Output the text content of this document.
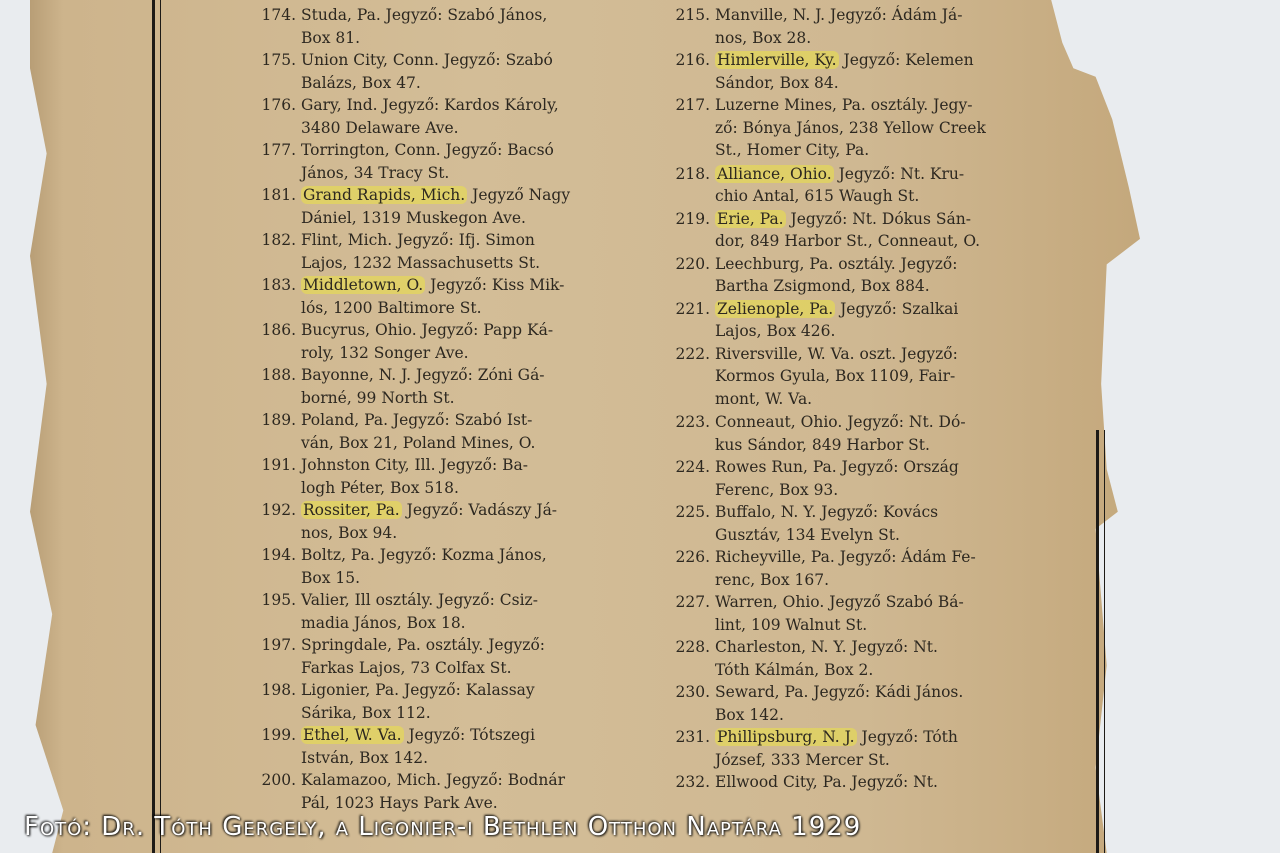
174. Studa, Pa. Jegyző: Szabó János,
Box 81.
175. Union City, Conn. Jegyző: Szabó
Balázs, Box 47.
176. Gary, Ind. Jegyző: Kardos Károly,
3480 Delaware Ave.
177. Torrington, Conn. Jegyző: Bacsó
János, 34 Tracy St.
181. Grand Rapids, Mich. Jegyző Nagy
Dániel, 1319 Muskegon Ave.
182. Flint, Mich. Jegyző: Ifj. Simon
Lajos, 1232 Massachusetts St.
183. Middletown, O. Jegyző: Kiss Mik-
lós, 1200 Baltimore St.
186. Bucyrus, Ohio. Jegyző: Papp Ká-
roly, 132 Songer Ave.
188. Bayonne, N. J. Jegyző: Zóni Gá-
borné, 99 North St.
189. Poland, Pa. Jegyző: Szabó Ist-
ván, Box 21, Poland Mines, O.
191. Johnston City, Ill. Jegyző: Ba-
logh Péter, Box 518.
192. Rossiter, Pa. Jegyző: Vadászy Já-
nos, Box 94.
194. Boltz, Pa. Jegyző: Kozma János,
Box 15.
195. Valier, Ill osztály. Jegyző: Csiz-
madia János, Box 18.
197. Springdale, Pa. osztály. Jegyző:
Farkas Lajos, 73 Colfax St.
198. Ligonier, Pa. Jegyző: Kalassay
Sárika, Box 112.
199. Ethel, W. Va. Jegyző: Tótszegi
István, Box 142.
200. Kalamazoo, Mich. Jegyző: Bodnár
Pál, 1023 Hays Park Ave.
215. Manville, N. J. Jegyző: Ádám Já-
nos, Box 28.
216. Himlerville, Ky. Jegyző: Kelemen
Sándor, Box 84.
217. Luzerne Mines, Pa. osztály. Jegy-
ző: Bónya János, 238 Yellow Creek
St., Homer City, Pa.
218. Alliance, Ohio. Jegyző: Nt. Kru-
chio Antal, 615 Waugh St.
219. Erie, Pa. Jegyző: Nt. Dókus Sán-
dor, 849 Harbor St., Conneaut, O.
220. Leechburg, Pa. osztály. Jegyző:
Bartha Zsigmond, Box 884.
221. Zelienople, Pa. Jegyző: Szalkai
Lajos, Box 426.
222. Riversville, W. Va. oszt. Jegyző:
Kormos Gyula, Box 1109, Fair-
mont, W. Va.
223. Conneaut, Ohio. Jegyző: Nt. Dó-
kus Sándor, 849 Harbor St.
224. Rowes Run, Pa. Jegyző: Ország
Ferenc, Box 93.
225. Buffalo, N. Y. Jegyző: Kovács
Gusztáv, 134 Evelyn St.
226. Richeyville, Pa. Jegyző: Ádám Fe-
renc, Box 167.
227. Warren, Ohio. Jegyző Szabó Bá-
lint, 109 Walnut St.
228. Charleston, N. Y. Jegyző: Nt.
Tóth Kálmán, Box 2.
230. Seward, Pa. Jegyző: Kádi János.
Box 142.
231. Phillipsburg, N. J. Jegyző: Tóth
József, 333 Mercer St.
232. Ellwood City, Pa. Jegyző: Nt.
Fotó: Dr. Tóth Gergely, a Ligonier-i Bethlen Otthon Naptára 1929
